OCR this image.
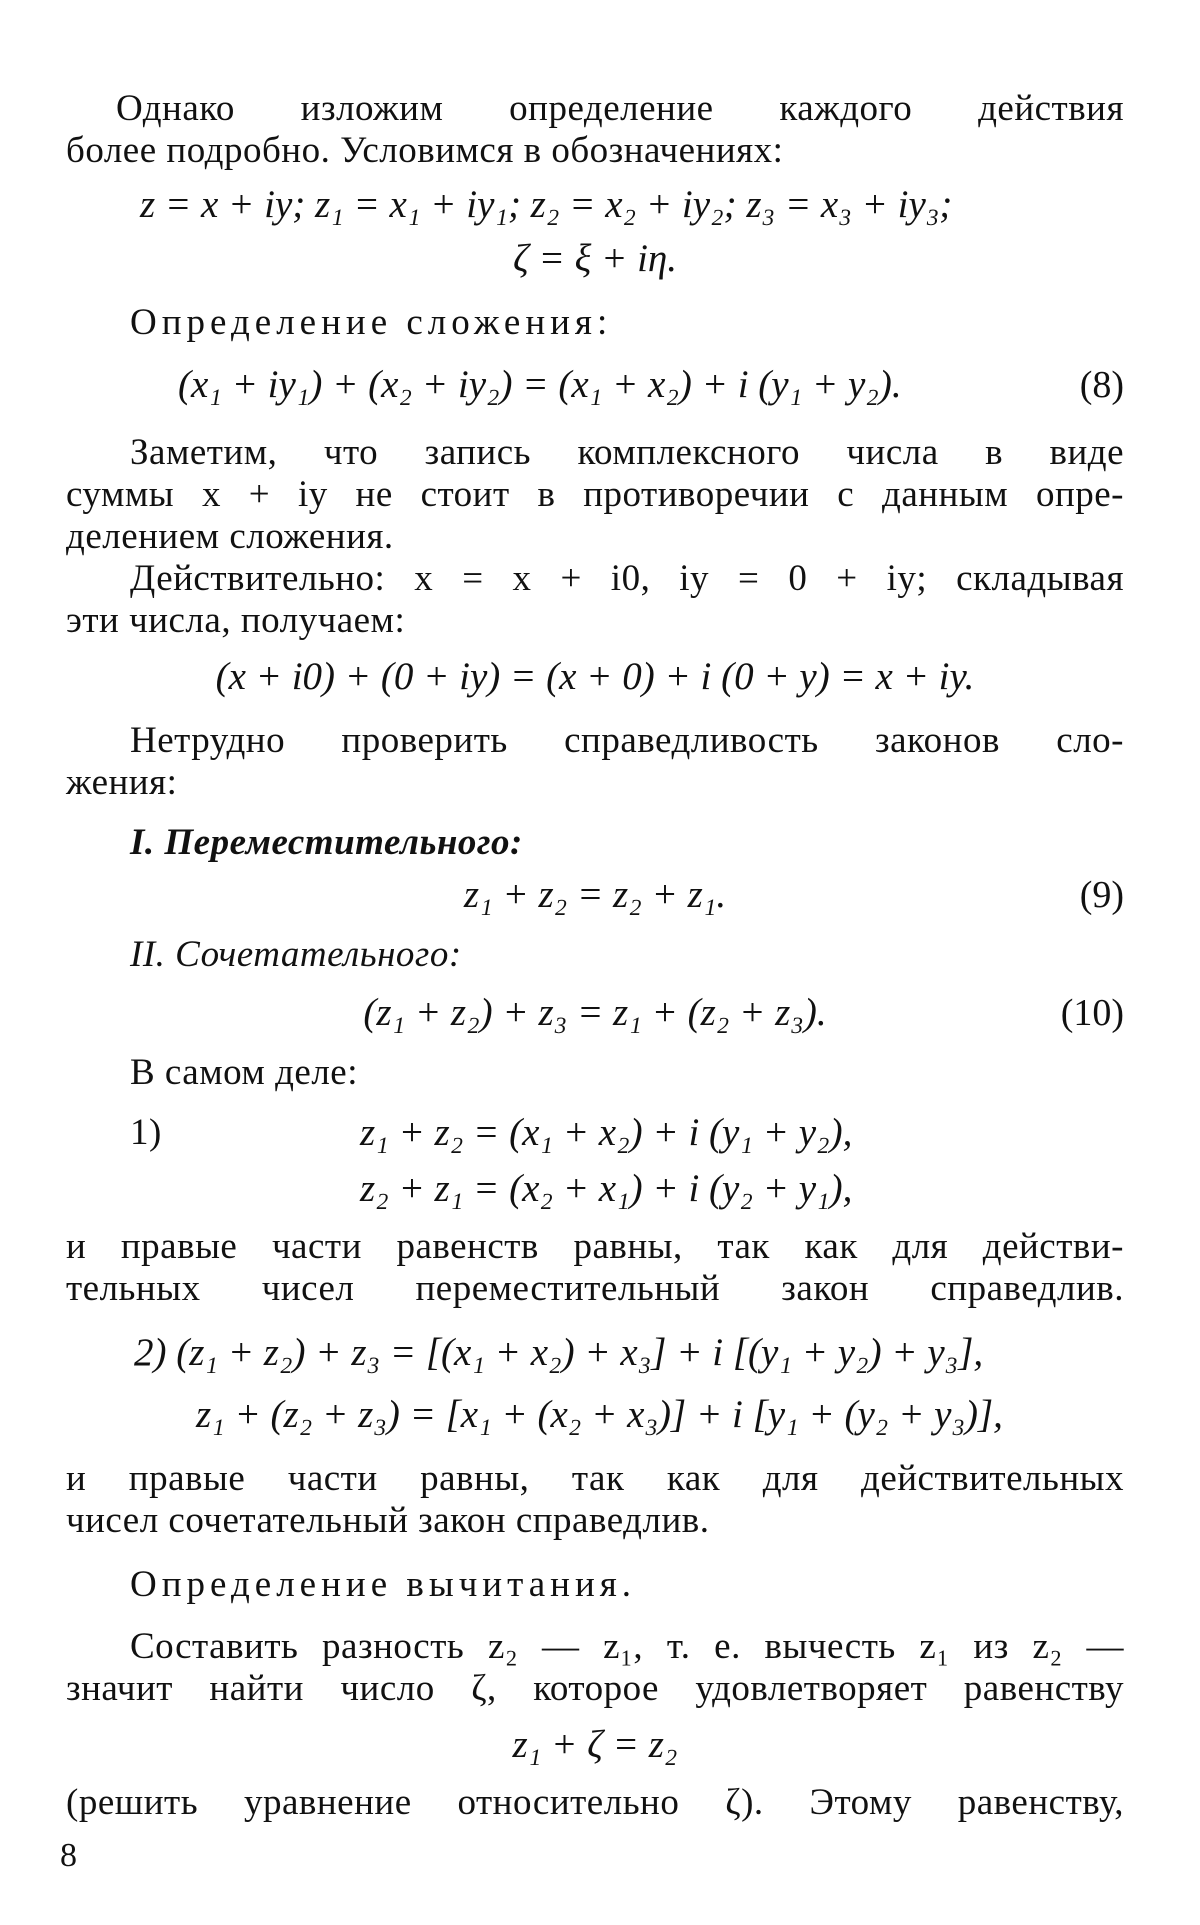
Однако изложим определение каждого действия
более подробно. Условимся в обозначениях:
z = x + iy; z₁ = x₁ + iy₁; z₂ = x₂ + iy₂; z₃ = x₃ + iy₃;
ζ = ξ + iη.
Определение сложения:
(x₁ + iy₁) + (x₂ + iy₂) = (x₁ + x₂) + i (y₁ + y₂).	(8)
Заметим, что запись комплексного числа в виде
суммы x + iy не стоит в противоречии с данным опре-
делением сложения.
Действительно: x = x + i0, iy = 0 + iy; складывая
эти числа, получаем:
(x + i0) + (0 + iy) = (x + 0) + i (0 + y) = x + iy.
Нетрудно проверить справедливость законов сло-
жения:
I. Переместительного:
z₁ + z₂ = z₂ + z₁.	(9)
II. Сочетательного:
(z₁ + z₂) + z₃ = z₁ + (z₂ + z₃).	(10)
В самом деле:
1)	z₁ + z₂ = (x₁ + x₂) + i (y₁ + y₂),
z₂ + z₁ = (x₂ + x₁) + i (y₂ + y₁),
и правые части равенств равны, так как для действи-
тельных чисел переместительный закон справедлив.
2) (z₁ + z₂) + z₃ = [(x₁ + x₂) + x₃] + i [(y₁ + y₂) + y₃],
z₁ + (z₂ + z₃) = [x₁ + (x₂ + x₃)] + i [y₁ + (y₂ + y₃)],
и правые части равны, так как для действительных
чисел сочетательный закон справедлив.
Определение вычитания.
Составить разность z₂ — z₁, т. е. вычесть z₁ из z₂ —
значит найти число ζ, которое удовлетворяет равенству
z₁ + ζ = z₂
(решить уравнение относительно ζ). Этому равенству,
8
